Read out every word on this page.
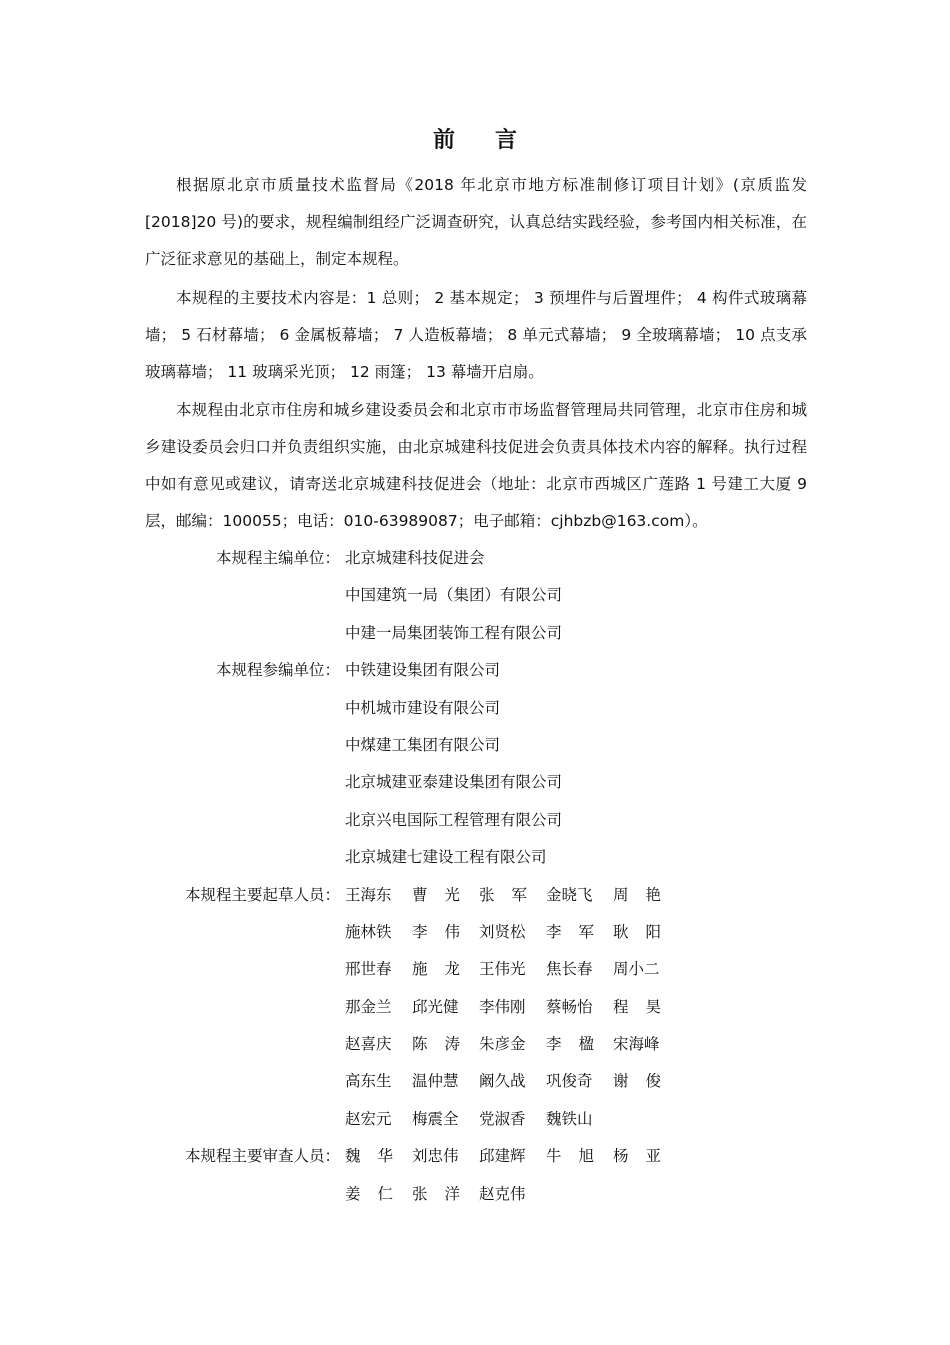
前言

根据原北京市质量技术监督局《2018 年北京市地方标准制修订项目计划》(京质监发[2018]20 号)的要求，规程编制组经广泛调查研究，认真总结实践经验，参考国内相关标准，在广泛征求意见的基础上，制定本规程。

本规程的主要技术内容是：1 总则； 2 基本规定； 3 预埋件与后置埋件； 4 构件式玻璃幕墙； 5 石材幕墙； 6 金属板幕墙； 7 人造板幕墙； 8 单元式幕墙； 9 全玻璃幕墙； 10 点支承玻璃幕墙； 11 玻璃采光顶； 12 雨篷； 13 幕墙开启扇。

本规程由北京市住房和城乡建设委员会和北京市市场监督管理局共同管理，北京市住房和城乡建设委员会归口并负责组织实施，由北京城建科技促进会负责具体技术内容的解释。执行过程中如有意见或建议，请寄送北京城建科技促进会（地址：北京市西城区广莲路 1 号建工大厦 9 层，邮编：100055；电话：010-63989087；电子邮箱：cjhbzb@163.com）。

本规程主编单位： 北京城建科技促进会
中国建筑一局（集团）有限公司
中建一局集团装饰工程有限公司
本规程参编单位： 中铁建设集团有限公司
中机城市建设有限公司
中煤建工集团有限公司
北京城建亚泰建设集团有限公司
北京兴电国际工程管理有限公司
北京城建七建设工程有限公司
本规程主要起草人员： 王海东	曹光 张军 金晓飞	周艳
施林铁	李伟 刘贤松	李军 耿阳
邢世春	施龙 王伟光	焦长春	周小二
那金兰	邱光健	李伟刚	蔡畅怡	程昊
赵喜庆	陈涛 朱彦金	李楹 宋海峰
高东生	温仲慧	阚久战	巩俊奇	谢俊
赵宏元	梅震全	党淑香	魏铁山
本规程主要审查人员： 魏华 刘忠伟	邱建辉	牛旭 杨亚
姜仁 张洋 赵克伟
